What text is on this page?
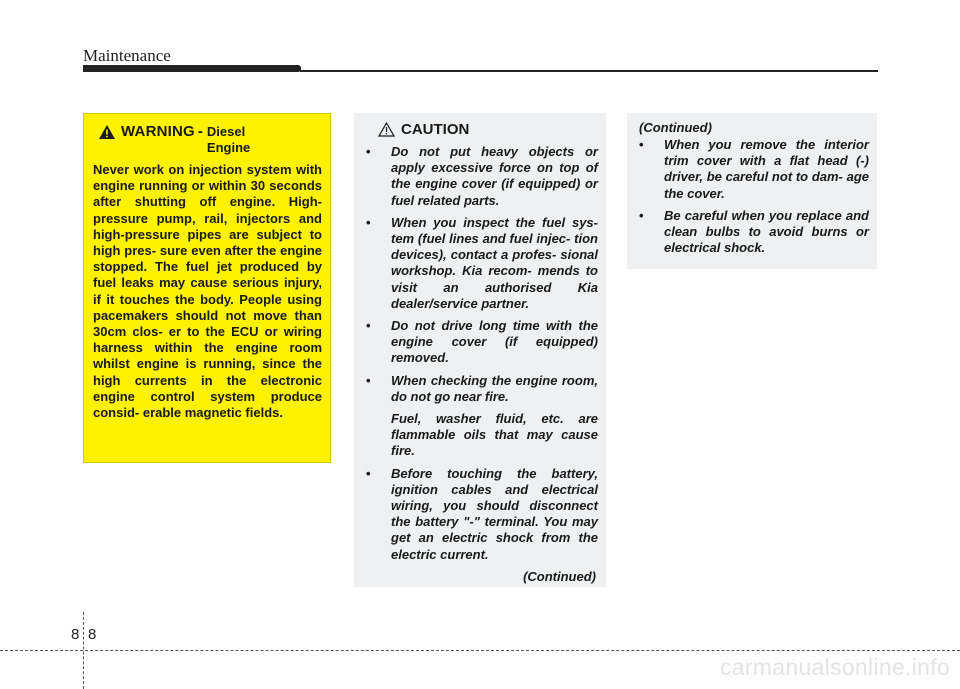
Maintenance
WARNING - Diesel Engine

Never work on injection system with engine running or within 30 seconds after shutting off engine. High-pressure pump, rail, injectors and high-pressure pipes are subject to high pres- sure even after the engine stopped. The fuel jet produced by fuel leaks may cause serious injury, if it touches the body. People using pacemakers should not move than 30cm clos- er to the ECU or wiring harness within the engine room whilst engine is running, since the high currents in the electronic engine control system produce consid- erable magnetic fields.

CAUTION
• Do not put heavy objects or apply excessive force on top of the engine cover (if equipped) or fuel related parts.
• When you inspect the fuel sys- tem (fuel lines and fuel injec- tion devices), contact a profes- sional workshop. Kia recom- mends to visit an authorised Kia dealer/service partner.
• Do not drive long time with the engine cover (if equipped) removed.
• When checking the engine room, do not go near fire.
Fuel, washer fluid, etc. are flammable oils that may cause fire.
• Before touching the battery, ignition cables and electrical wiring, you should disconnect the battery "-" terminal. You may get an electric shock from the electric current.
(Continued)
(Continued)
• When you remove the interior trim cover with a flat head (-) driver, be careful not to dam- age the cover.
• Be careful when you replace and clean bulbs to avoid burns or electrical shock.
8 8
carmanualsonline.info
